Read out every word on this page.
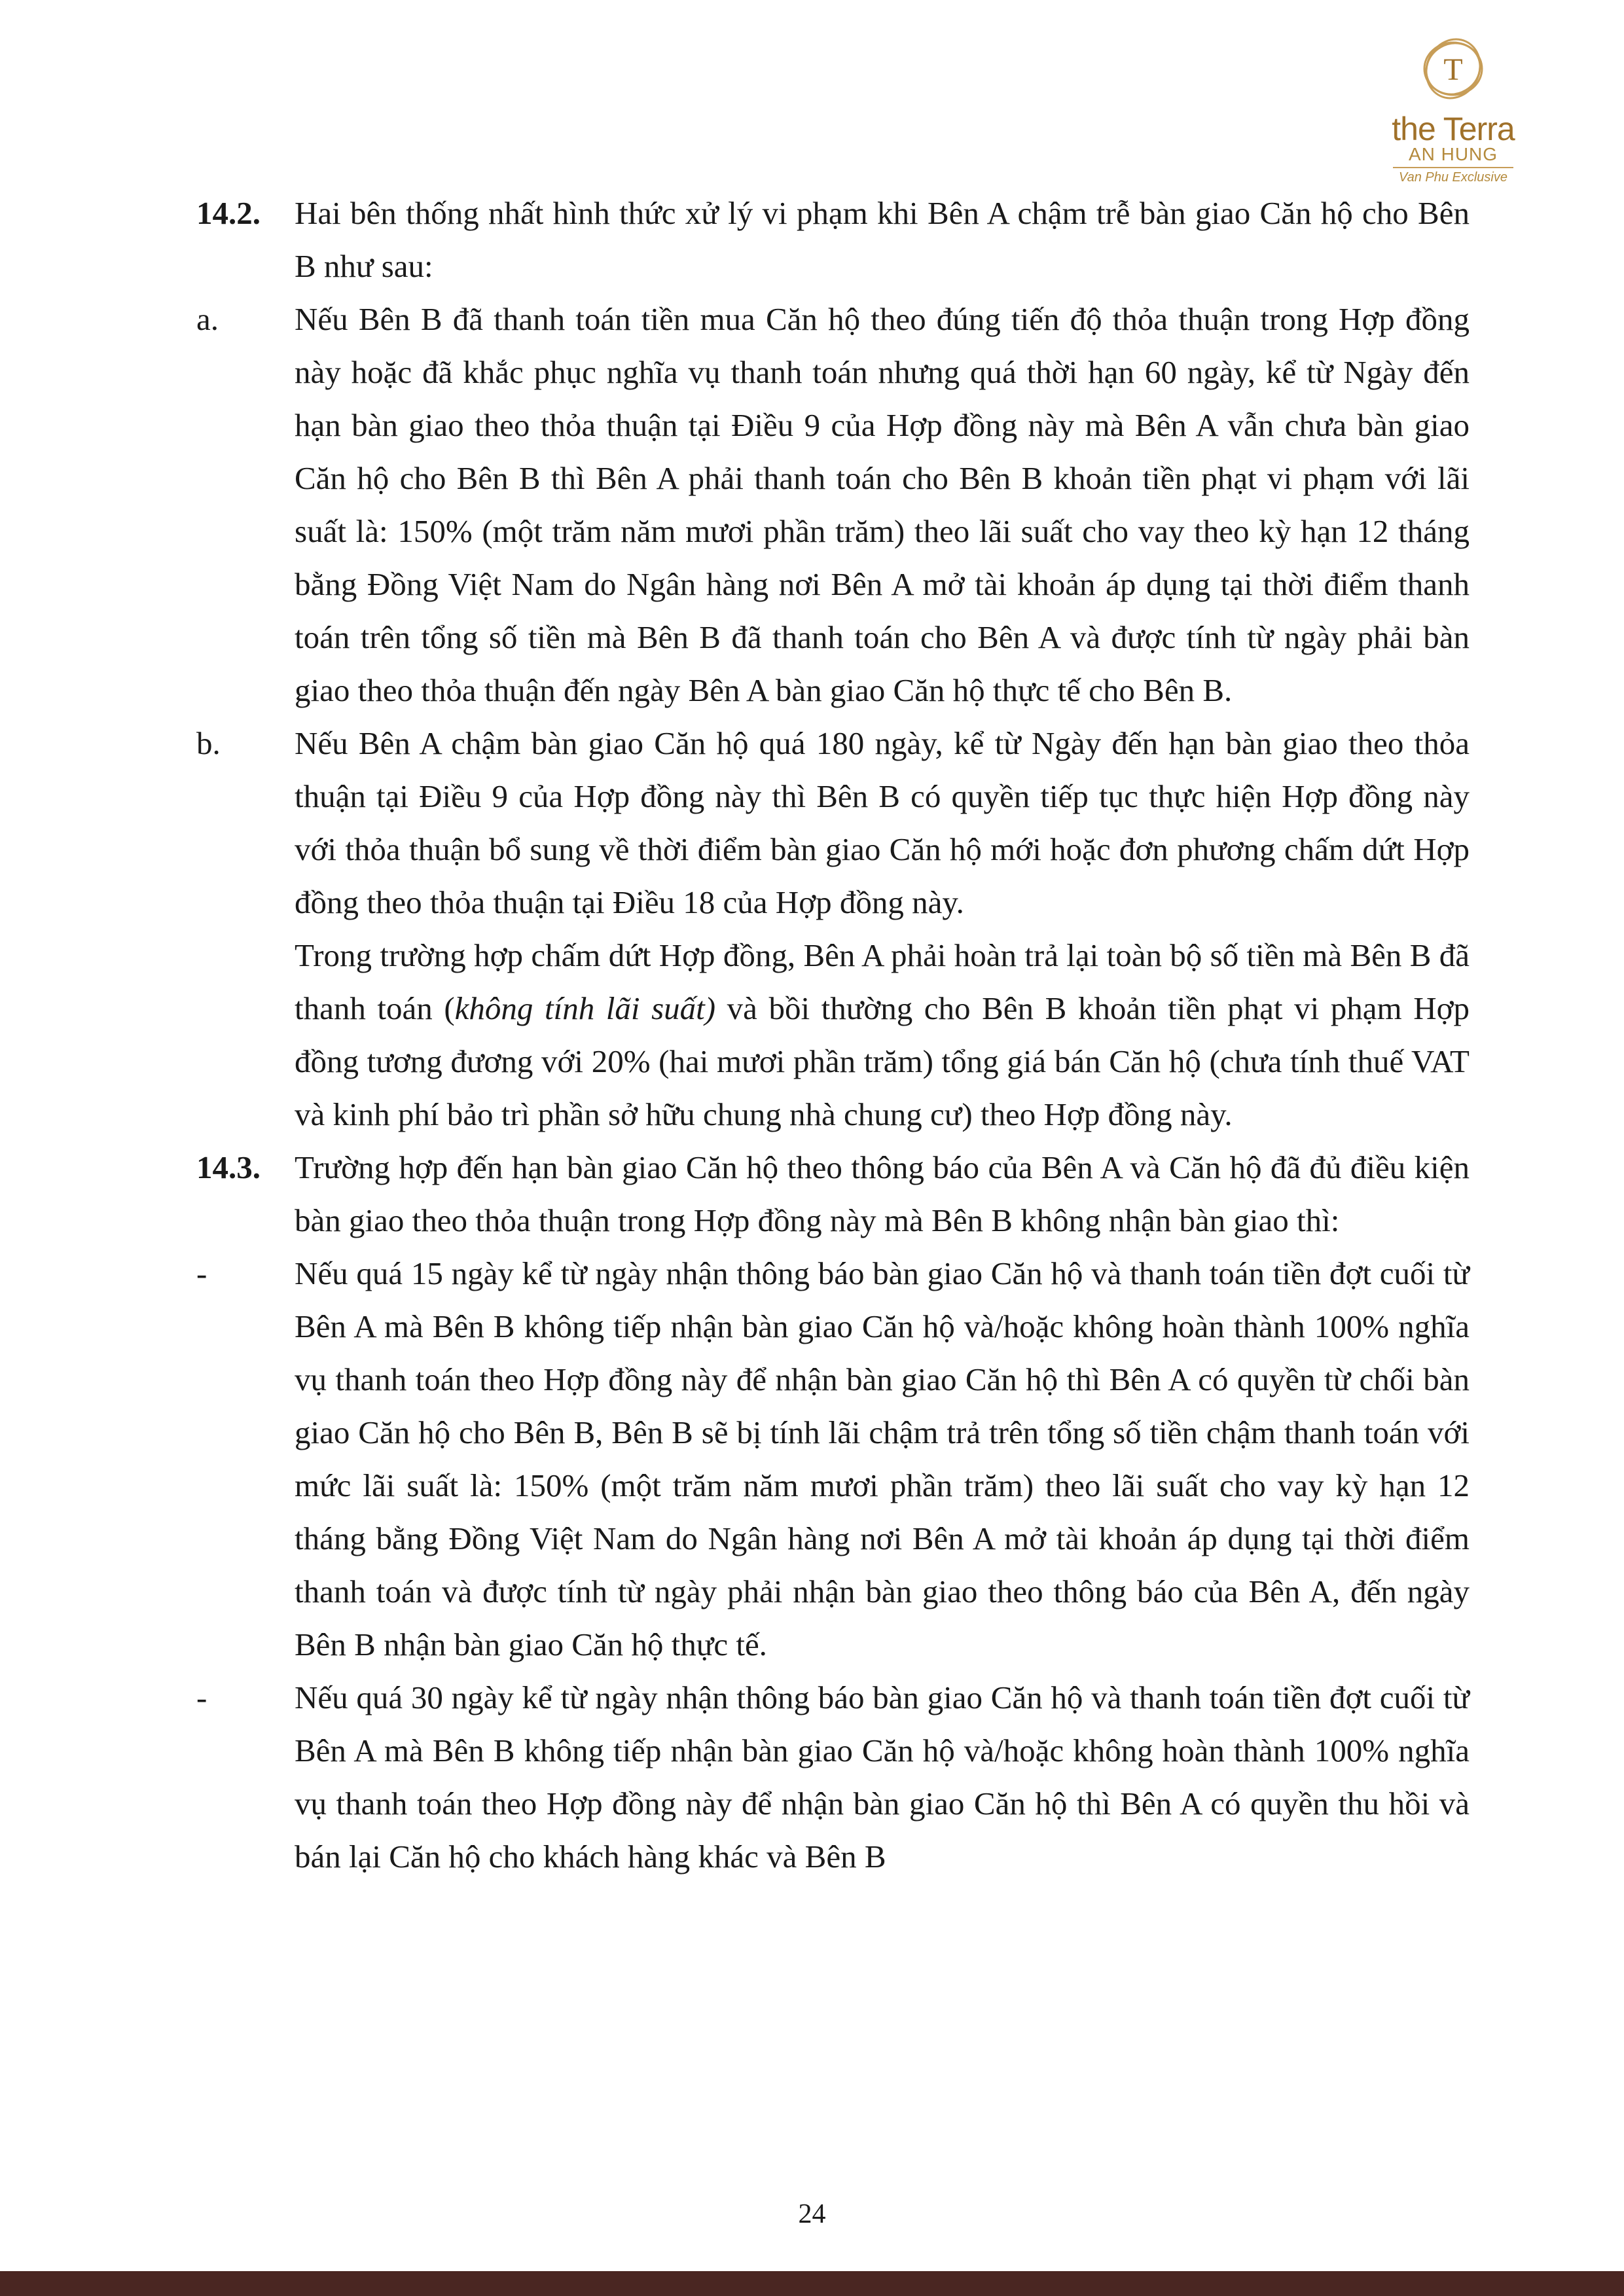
T
the Terra
AN HUNG
Van Phu Exclusive
14.2. Hai bên thống nhất hình thức xử lý vi phạm khi Bên A chậm trễ bàn giao Căn hộ cho Bên B như sau:
a. Nếu Bên B đã thanh toán tiền mua Căn hộ theo đúng tiến độ thỏa thuận trong Hợp đồng này hoặc đã khắc phục nghĩa vụ thanh toán nhưng quá thời hạn 60 ngày, kể từ Ngày đến hạn bàn giao theo thỏa thuận tại Điều 9 của Hợp đồng này mà Bên A vẫn chưa bàn giao Căn hộ cho Bên B thì Bên A phải thanh toán cho Bên B khoản tiền phạt vi phạm với lãi suất là: 150% (một trăm năm mươi phần trăm) theo lãi suất cho vay theo kỳ hạn 12 tháng bằng Đồng Việt Nam do Ngân hàng nơi Bên A mở tài khoản áp dụng tại thời điểm thanh toán trên tổng số tiền mà Bên B đã thanh toán cho Bên A và được tính từ ngày phải bàn giao theo thỏa thuận đến ngày Bên A bàn giao Căn hộ thực tế cho Bên B.
b. Nếu Bên A chậm bàn giao Căn hộ quá 180 ngày, kể từ Ngày đến hạn bàn giao theo thỏa thuận tại Điều 9 của Hợp đồng này thì Bên B có quyền tiếp tục thực hiện Hợp đồng này với thỏa thuận bổ sung về thời điểm bàn giao Căn hộ mới hoặc đơn phương chấm dứt Hợp đồng theo thỏa thuận tại Điều 18 của Hợp đồng này.
Trong trường hợp chấm dứt Hợp đồng, Bên A phải hoàn trả lại toàn bộ số tiền mà Bên B đã thanh toán (không tính lãi suất) và bồi thường cho Bên B khoản tiền phạt vi phạm Hợp đồng tương đương với 20% (hai mươi phần trăm) tổng giá bán Căn hộ (chưa tính thuế VAT và kinh phí bảo trì phần sở hữu chung nhà chung cư) theo Hợp đồng này.
14.3. Trường hợp đến hạn bàn giao Căn hộ theo thông báo của Bên A và Căn hộ đã đủ điều kiện bàn giao theo thỏa thuận trong Hợp đồng này mà Bên B không nhận bàn giao thì:
-	Nếu quá 15 ngày kể từ ngày nhận thông báo bàn giao Căn hộ và thanh toán tiền đợt cuối từ Bên A mà Bên B không tiếp nhận bàn giao Căn hộ và/hoặc không hoàn thành 100% nghĩa vụ thanh toán theo Hợp đồng này để nhận bàn giao Căn hộ thì Bên A có quyền từ chối bàn giao Căn hộ cho Bên B, Bên B sẽ bị tính lãi chậm trả trên tổng số tiền chậm thanh toán với mức lãi suất là: 150% (một trăm năm mươi phần trăm) theo lãi suất cho vay kỳ hạn 12 tháng bằng Đồng Việt Nam do Ngân hàng nơi Bên A mở tài khoản áp dụng tại thời điểm thanh toán và được tính từ ngày phải nhận bàn giao theo thông báo của Bên A, đến ngày Bên B nhận bàn giao Căn hộ thực tế.
-	Nếu quá 30 ngày kể từ ngày nhận thông báo bàn giao Căn hộ và thanh toán tiền đợt cuối từ Bên A mà Bên B không tiếp nhận bàn giao Căn hộ và/hoặc không hoàn thành 100% nghĩa vụ thanh toán theo Hợp đồng này để nhận bàn giao Căn hộ thì Bên A có quyền thu hồi và bán lại Căn hộ cho khách hàng khác và Bên B
24
